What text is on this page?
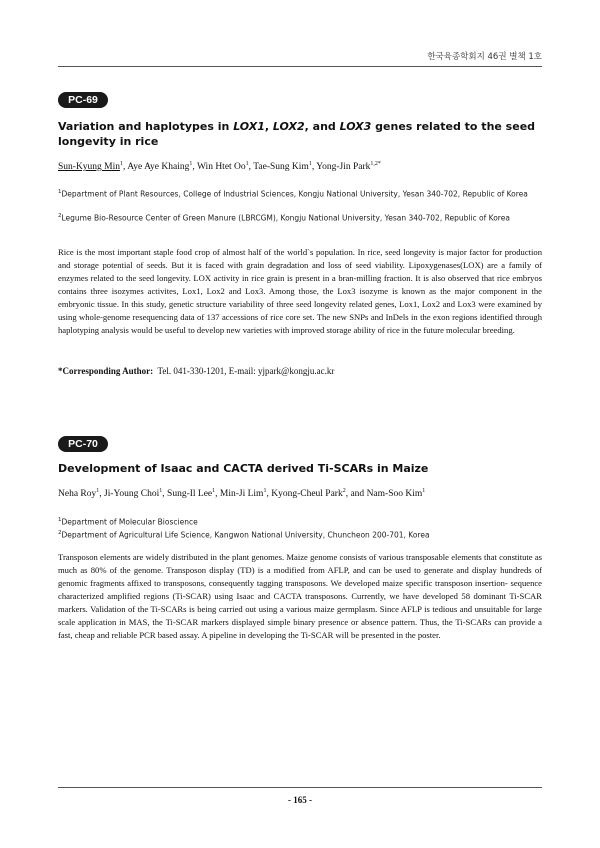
한국육종학회지 46권 별책 1호
PC-69
Variation and haplotypes in LOX1, LOX2, and LOX3 genes related to the seed longevity in rice
Sun-Kyung Min$^1$, Aye Aye Khaing$^1$, Win Htet Oo$^1$, Tae-Sung Kim$^1$, Yong-Jin Park$^{1,2*}$
$^1$Department of Plant Resources, College of Industrial Sciences, Kongju National University, Yesan 340-702, Republic of Korea
$^2$Legume Bio-Resource Center of Green Manure (LBRCGM), Kongju National University, Yesan 340-702, Republic of Korea

Rice is the most important staple food crop of almost half of the world`s population. In rice, seed longevity is major factor for production and storage potential of seeds. But it is faced with grain degradation and loss of seed viability. Lipoxygenases(LOX) are a family of enzymes related to the seed longevity. LOX activity in rice grain is present in a bran-milling fraction. It is also observed that rice embryos contains three isozymes activites, Lox1, Lox2 and Lox3. Among those, the Lox3 isozyme is known as the major component in the embryonic tissue. In this study, genetic structure variability of three seed longevity related genes, Lox1, Lox2 and Lox3 were examined by using whole-genome resequencing data of 137 accessions of rice core set. The new SNPs and InDels in the exon regions identified through haplotyping analysis would be useful to develop new varieties with improved storage ability of rice in the future molecular breeding.

*Corresponding Author: Tel. 041-330-1201, E-mail: yjpark@kongju.ac.kr
PC-70
Development of Isaac and CACTA derived Ti-SCARs in Maize
Neha Roy$^1$, Ji-Young Choi$^1$, Sung-Il Lee$^1$, Min-Ji Lim$^1$, Kyong-Cheul Park$^2$, and Nam-Soo Kim$^1$
$^1$Department of Molecular Bioscience
$^2$Department of Agricultural Life Science, Kangwon National University, Chuncheon 200-701, Korea

Transposon elements are widely distributed in the plant genomes. Maize genome consists of various transposable elements that constitute as much as 80% of the genome. Transposon display (TD) is a modified from AFLP, and can be used to generate and display hundreds of genomic fragments affixed to transposons, consequently tagging transposons. We developed maize specific transposon insertion- sequence characterized amplified regions (Ti-SCAR) using Isaac and CACTA transposons. Currently, we have developed 58 dominant Ti-SCAR markers. Validation of the Ti-SCARs is being carried out using a various maize germplasm. Since AFLP is tedious and unsuitable for large scale application in MAS, the Ti-SCAR markers displayed simple binary presence or absence pattern. Thus, the Ti-SCARs can provide a fast, cheap and reliable PCR based assay. A pipeline in developing the Ti-SCAR will be presented in the poster.

- 165 -
